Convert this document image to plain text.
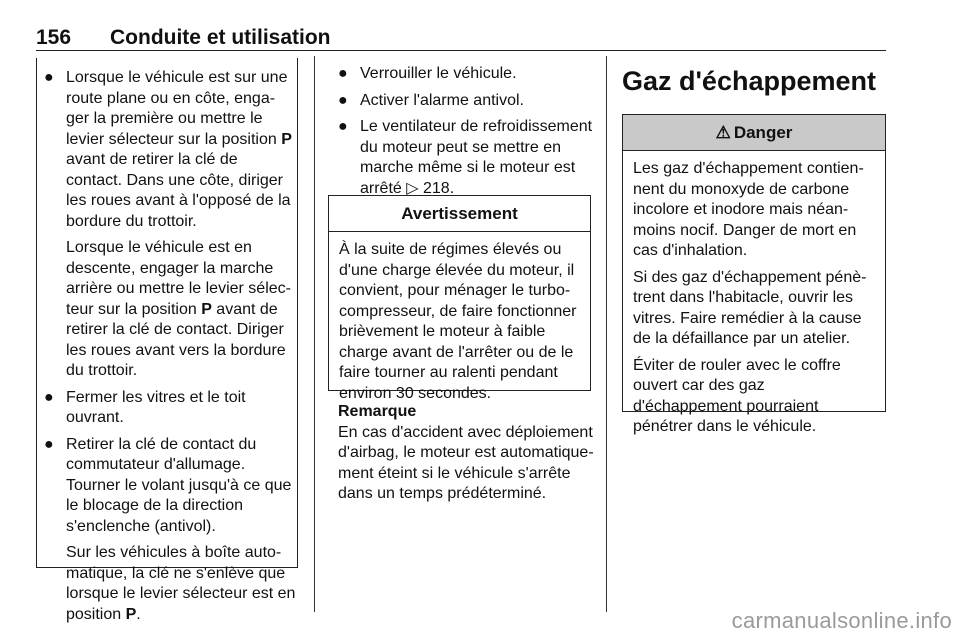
156 Conduite et utilisation
● Lorsque le véhicule est sur une route plane ou en côte, enga-ger la première ou mettre le levier sélecteur sur la position P avant de retirer la clé de contact. Dans une côte, diriger les roues avant à l'opposé de la bordure du trottoir.

Lorsque le véhicule est en descente, engager la marche arrière ou mettre le levier sélec-teur sur la position P avant de retirer la clé de contact. Diriger les roues avant vers la bordure du trottoir.

● Fermer les vitres et le toit ouvrant.

● Retirer la clé de contact du commutateur d'allumage. Tourner le volant jusqu'à ce que le blocage de la direction s'enclenche (antivol).

Sur les véhicules à boîte auto-matique, la clé ne s'enlève que lorsque le levier sélecteur est en position P.

● Verrouiller le véhicule.

● Activer l'alarme antivol.

● Le ventilateur de refroidissement du moteur peut se mettre en marche même si le moteur est arrêté ▷ 218.

Avertissement
À la suite de régimes élevés ou d'une charge élevée du moteur, il convient, pour ménager le turbo-compresseur, de faire fonctionner brièvement le moteur à faible charge avant de l'arrêter ou de le faire tourner au ralenti pendant environ 30 secondes.
Remarque
En cas d'accident avec déploiement d'airbag, le moteur est automatique-ment éteint si le véhicule s'arrête dans un temps prédéterminé.
Gaz d'échappement
⚠ Danger

Les gaz d'échappement contien-nent du monoxyde de carbone incolore et inodore mais néan-moins nocif. Danger de mort en cas d'inhalation.

Si des gaz d'échappement pénè-trent dans l'habitacle, ouvrir les vitres. Faire remédier à la cause de la défaillance par un atelier.

Éviter de rouler avec le coffre ouvert car des gaz d'échappement pourraient pénétrer dans le véhicule.

carmanualsonline.info
